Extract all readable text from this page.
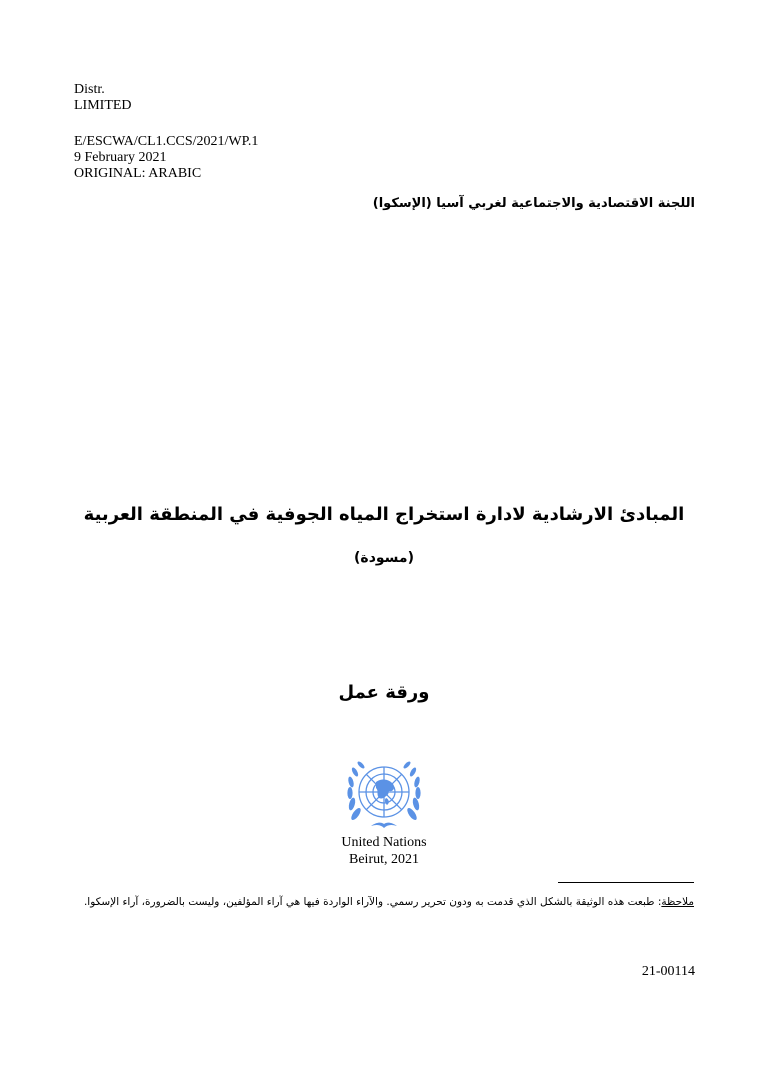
Distr.
LIMITED
E/ESCWA/CL1.CCS/2021/WP.1
9 February 2021
ORIGINAL: ARABIC
اللجنة الاقتصادية والاجتماعية لغربي آسيا (الإسكوا)
المبادئ الارشادية لادارة استخراج المياه الجوفية في المنطقة العربية
(مسودة)
ورقة عمل
United Nations
Beirut, 2021
ملاحظة: طبعت هذه الوثيقة بالشكل الذي قدمت به ودون تحرير رسمي. والآراء الواردة فيها هي آراء المؤلفين، وليست بالضرورة، آراء الإسكوا.
21-00114
